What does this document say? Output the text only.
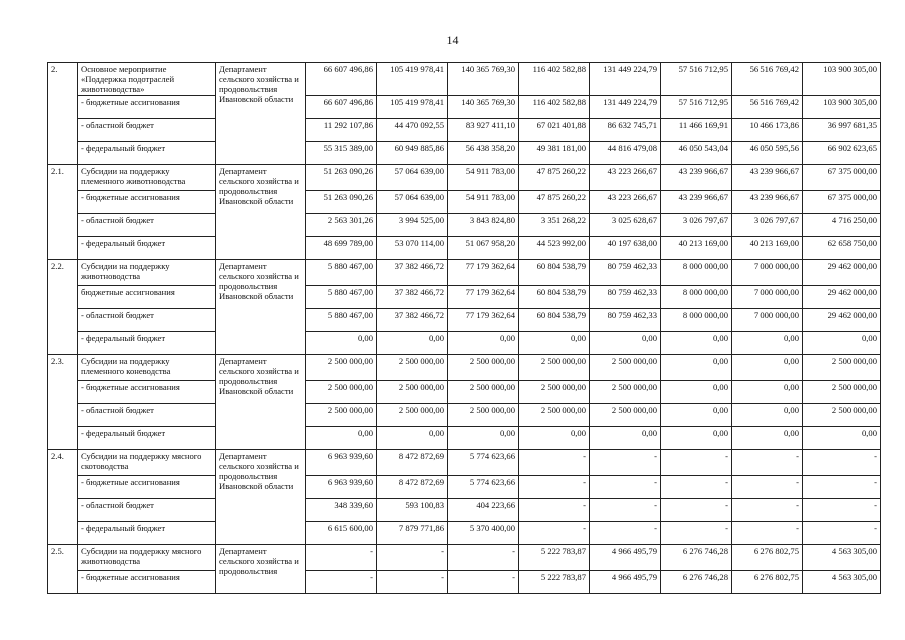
14
2.	Основное мероприятие «Поддержка подотраслей животноводства»	Департамент сельского хозяйства и продовольствия Ивановской области	66 607 496,86	105 419 978,41	140 365 769,30	116 402 582,88	131 449 224,79	57 516 712,95	56 516 769,42	103 900 305,00
	- бюджетные ассигнования		66 607 496,86	105 419 978,41	140 365 769,30	116 402 582,88	131 449 224,79	57 516 712,95	56 516 769,42	103 900 305,00
	- областной бюджет		11 292 107,86	44 470 092,55	83 927 411,10	67 021 401,88	86 632 745,71	11 466 169,91	10 466 173,86	36 997 681,35
	- федеральный бюджет		55 315 389,00	60 949 885,86	56 438 358,20	49 381 181,00	44 816 479,08	46 050 543,04	46 050 595,56	66 902 623,65
2.1.	Субсидии на поддержку племенного животноводства	Департамент сельского хозяйства и продовольствия Ивановской области	51 263 090,26	57 064 639,00	54 911 783,00	47 875 260,22	43 223 266,67	43 239 966,67	43 239 966,67	67 375 000,00
	- бюджетные ассигнования		51 263 090,26	57 064 639,00	54 911 783,00	47 875 260,22	43 223 266,67	43 239 966,67	43 239 966,67	67 375 000,00
	- областной бюджет		2 563 301,26	3 994 525,00	3 843 824,80	3 351 268,22	3 025 628,67	3 026 797,67	3 026 797,67	4 716 250,00
	- федеральный бюджет		48 699 789,00	53 070 114,00	51 067 958,20	44 523 992,00	40 197 638,00	40 213 169,00	40 213 169,00	62 658 750,00
2.2.	Субсидии на поддержку животноводства	Департамент сельского хозяйства и продовольствия Ивановской области	5 880 467,00	37 382 466,72	77 179 362,64	60 804 538,79	80 759 462,33	8 000 000,00	7 000 000,00	29 462 000,00
	бюджетные ассигнования		5 880 467,00	37 382 466,72	77 179 362,64	60 804 538,79	80 759 462,33	8 000 000,00	7 000 000,00	29 462 000,00
	- областной бюджет		5 880 467,00	37 382 466,72	77 179 362,64	60 804 538,79	80 759 462,33	8 000 000,00	7 000 000,00	29 462 000,00
	- федеральный бюджет		0,00	0,00	0,00	0,00	0,00	0,00	0,00	0,00
2.3.	Субсидии на поддержку племенного коневодства	Департамент сельского хозяйства и продовольствия Ивановской области	2 500 000,00	2 500 000,00	2 500 000,00	2 500 000,00	2 500 000,00	0,00	0,00	2 500 000,00
	- бюджетные ассигнования		2 500 000,00	2 500 000,00	2 500 000,00	2 500 000,00	2 500 000,00	0,00	0,00	2 500 000,00
	- областной бюджет		2 500 000,00	2 500 000,00	2 500 000,00	2 500 000,00	2 500 000,00	0,00	0,00	2 500 000,00
	- федеральный бюджет		0,00	0,00	0,00	0,00	0,00	0,00	0,00	0,00
2.4.	Субсидии на поддержку мясного скотоводства	Департамент сельского хозяйства и продовольствия Ивановской области	6 963 939,60	8 472 872,69	5 774 623,66	-	-	-	-	-
	- бюджетные ассигнования		6 963 939,60	8 472 872,69	5 774 623,66	-	-	-	-	-
	- областной бюджет		348 339,60	593 100,83	404 223,66	-	-	-	-	-
	- федеральный бюджет		6 615 600,00	7 879 771,86	5 370 400,00	-	-	-	-	-
2.5.	Субсидии на поддержку мясного животноводства	Департамент сельского хозяйства и продовольствия	-	-	-	5 222 783,87	4 966 495,79	6 276 746,28	6 276 802,75	4 563 305,00
	- бюджетные ассигнования		-	-	-	5 222 783,87	4 966 495,79	6 276 746,28	6 276 802,75	4 563 305,00
